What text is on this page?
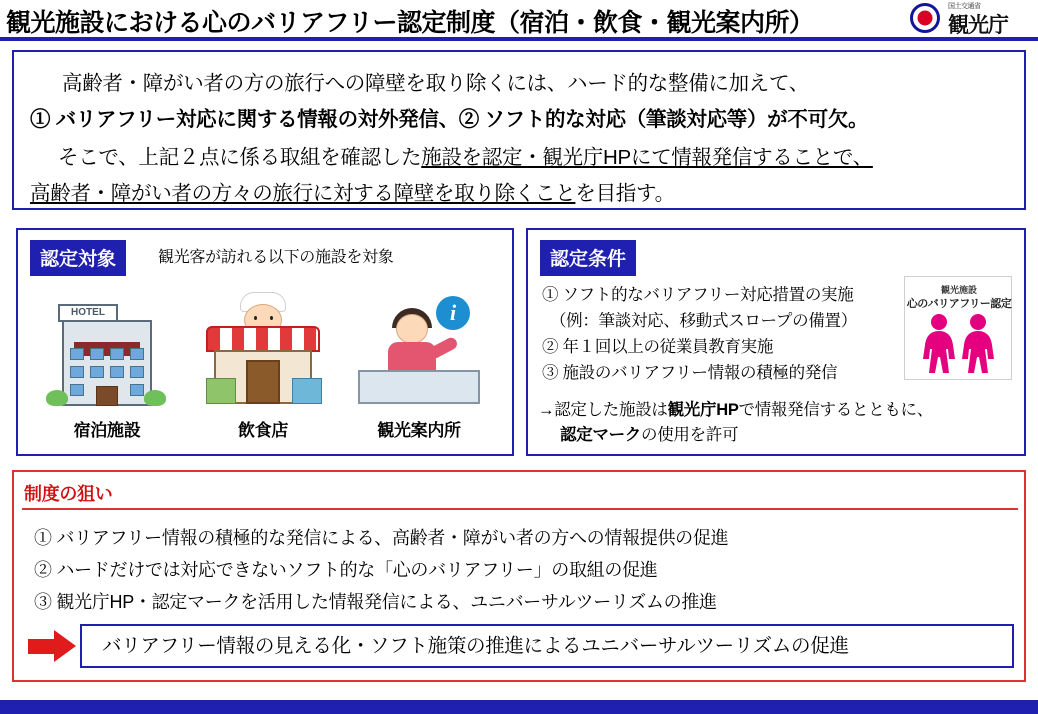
観光施設における心のバリアフリー認定制度（宿泊・飲食・観光案内所）
国土交通省
観光庁
高齢者・障がい者の方の旅行への障壁を取り除くには、ハード的な整備に加えて、
① バリアフリー対応に関する情報の対外発信、② ソフト的な対応（筆談対応等）が不可欠。
そこで、上記２点に係る取組を確認した施設を認定・観光庁HPにて情報発信することで、
高齢者・障がい者の方々の旅行に対する障壁を取り除くことを目指す。
認定対象	観光客が訪れる以下の施設を対象
HOTEL
宿泊施設	飲食店
i
観光案内所
認定条件
① ソフト的なバリアフリー対応措置の実施
　（例：筆談対応、移動式スロープの備置）
② 年１回以上の従業員教育実施
③ 施設のバリアフリー情報の積極的発信
観光施設
心のバリアフリー認定
→認定した施設は観光庁HPで情報発信するとともに、
認定マークの使用を許可
制度の狙い
① バリアフリー情報の積極的な発信による、高齢者・障がい者の方への情報提供の促進
② ハードだけでは対応できないソフト的な「心のバリアフリー」の取組の促進
③ 観光庁HP・認定マークを活用した情報発信による、ユニバーサルツーリズムの推進
バリアフリー情報の見える化・ソフト施策の推進によるユニバーサルツーリズムの促進
